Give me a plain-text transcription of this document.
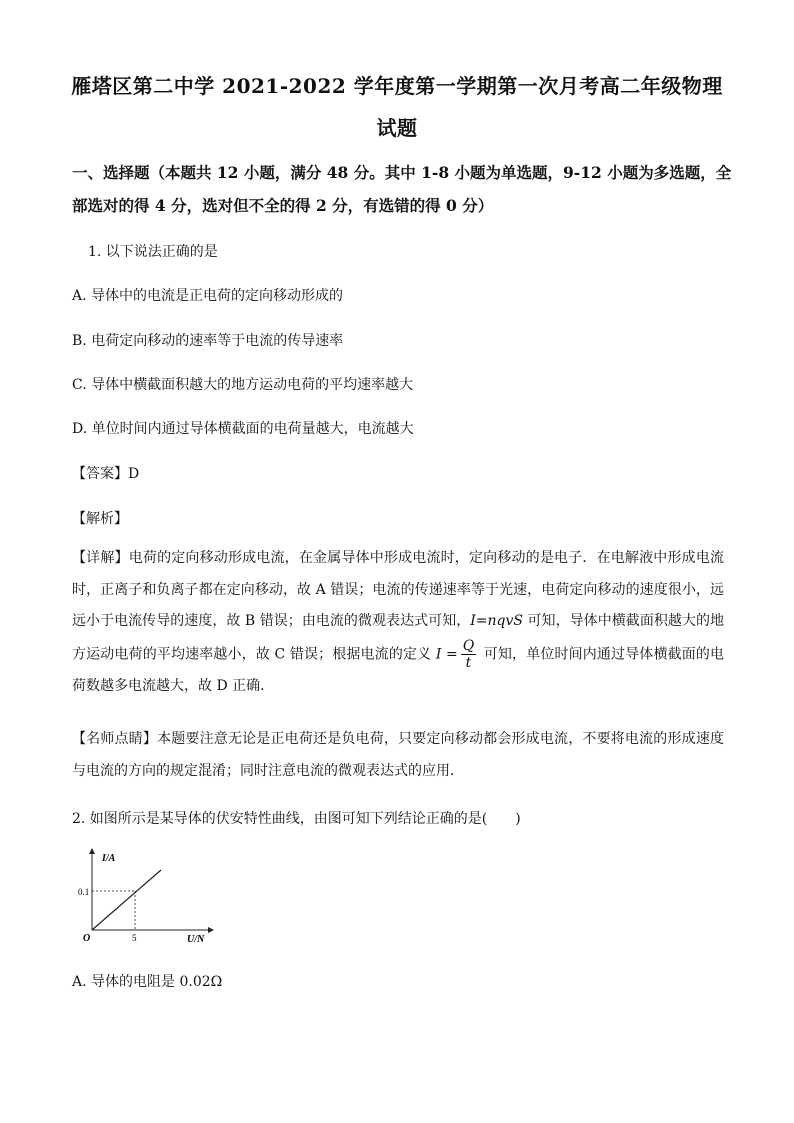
雁塔区第二中学 2021-2022 学年度第一学期第一次月考高二年级物理
试题
一、选择题（本题共 12 小题，满分 48 分。其中 1-8 小题为单选题，9-12 小题为多选题，全部选对的得 4 分，选对但不全的得 2 分，有选错的得 0 分）
1. 以下说法正确的是
A. 导体中的电流是正电荷的定向移动形成的
B. 电荷定向移动的速率等于电流的传导速率
C. 导体中横截面积越大的地方运动电荷的平均速率越大
D. 单位时间内通过导体横截面的电荷量越大，电流越大
【答案】D
【解析】
【详解】电荷的定向移动形成电流，在金属导体中形成电流时，定向移动的是电子．在电解液中形成电流时，正离子和负离子都在定向移动，故 A 错误；电流的传递速率等于光速，电荷定向移动的速度很小，远远小于电流传导的速度，故 B 错误；由电流的微观表达式可知，I=nqvS 可知，导体中横截面积越大的地方运动电荷的平均速率越小，故 C 错误；根据电流的定义 $I = \frac{Q}{t}$ 可知，单位时间内通过导体横截面的电荷数越多电流越大，故 D 正确．
【名师点睛】本题要注意无论是正电荷还是负电荷，只要定向移动都会形成电流，不要将电流的形成速度与电流的方向的规定混淆；同时注意电流的微观表达式的应用．
2. 如图所示是某导体的伏安特性曲线，由图可知下列结论正确的是(　　)
I/A
U/N
O
0.1
5
A. 导体的电阻是 0.02Ω
